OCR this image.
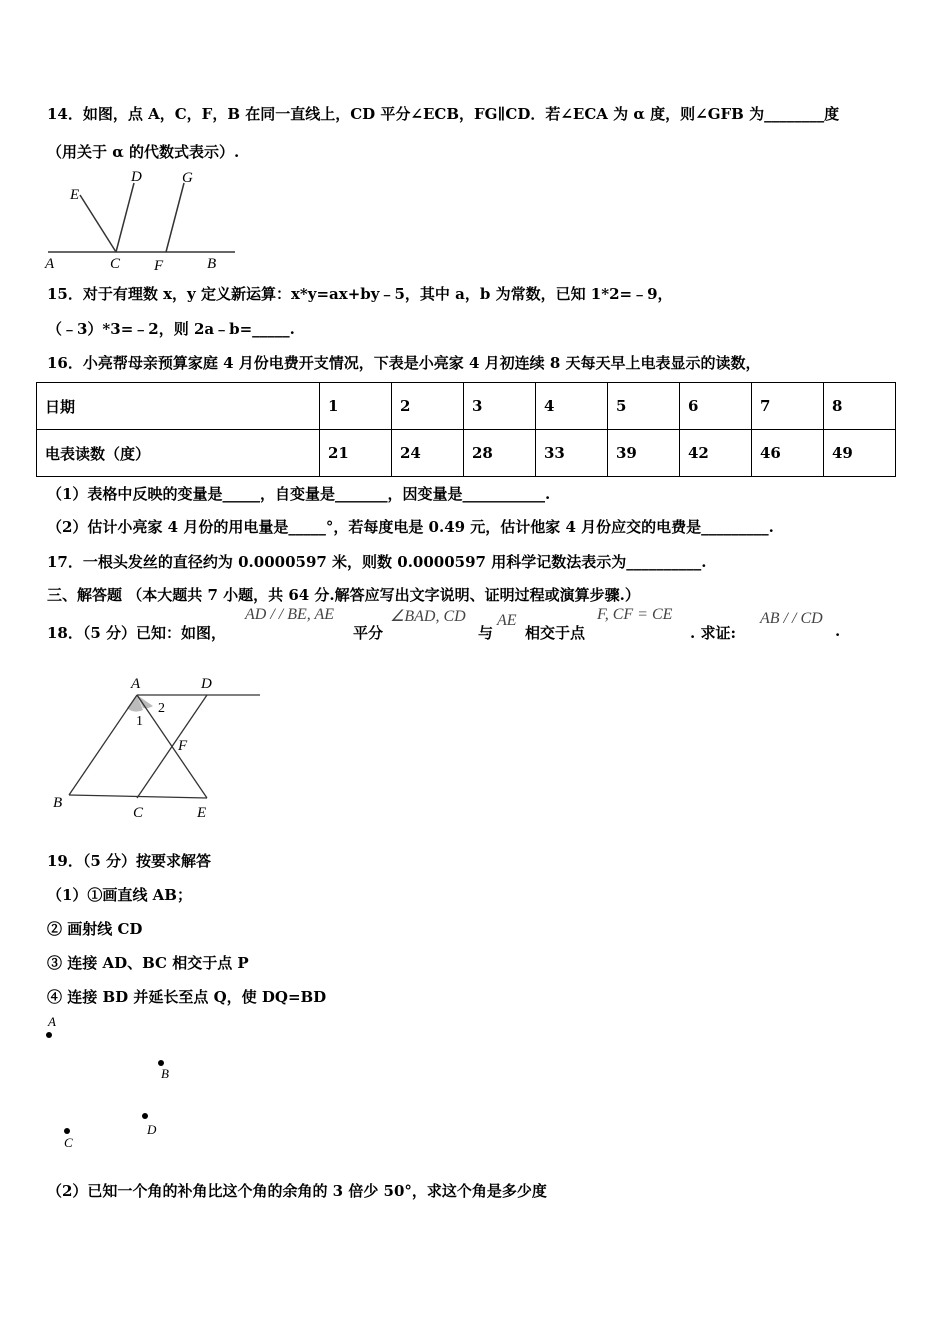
14．如图，点 A，C，F，B 在同一直线上，CD 平分∠ECB，FG∥CD．若∠ECA 为 α 度，则∠GFB 为________度
（用关于 α 的代数式表示）.
E
D	G
A	C F	B
15．对于有理数 x，y 定义新运算：x*y=ax+by﹣5，其中 a，b 为常数，已知 1*2=﹣9，
（﹣3）*3=﹣2，则 2a﹣b=_____.
16．小亮帮母亲预算家庭 4 月份电费开支情况，下表是小亮家 4 月初连续 8 天每天早上电表显示的读数，
日期	1	2	3	4	5	6	7	8
电表读数（度）	21	24	28	33	39	42	46	49
（1）表格中反映的变量是_____，自变量是_______，因变量是___________.
（2）估计小亮家 4 月份的用电量是_____°，若每度电是 0.49 元，估计他家 4 月份应交的电费是_________.
17．一根头发丝的直径约为 0.0000597 米，则数 0.0000597 用科学记数法表示为__________.
三、解答题 （本大题共 7 小题，共 64 分.解答应写出文字说明、证明过程或演算步骤.）
18．（5 分）已知：如图，
AD / / BE, AE
平分
∠BAD, CD
与
AE
相交于点
F, CF = CE
. 求证:
AB / / CD
.
A	D
1
2
F
B
C	E
19．（5 分）按要求解答
（1）①画直线 AB；
② 画射线 CD
③ 连接 AD、BC 相交于点 P
④ 连接 BD 并延长至点 Q，使 DQ=BD
A
B
C
D
（2）已知一个角的补角比这个角的余角的 3 倍少 50°，求这个角是多少度
